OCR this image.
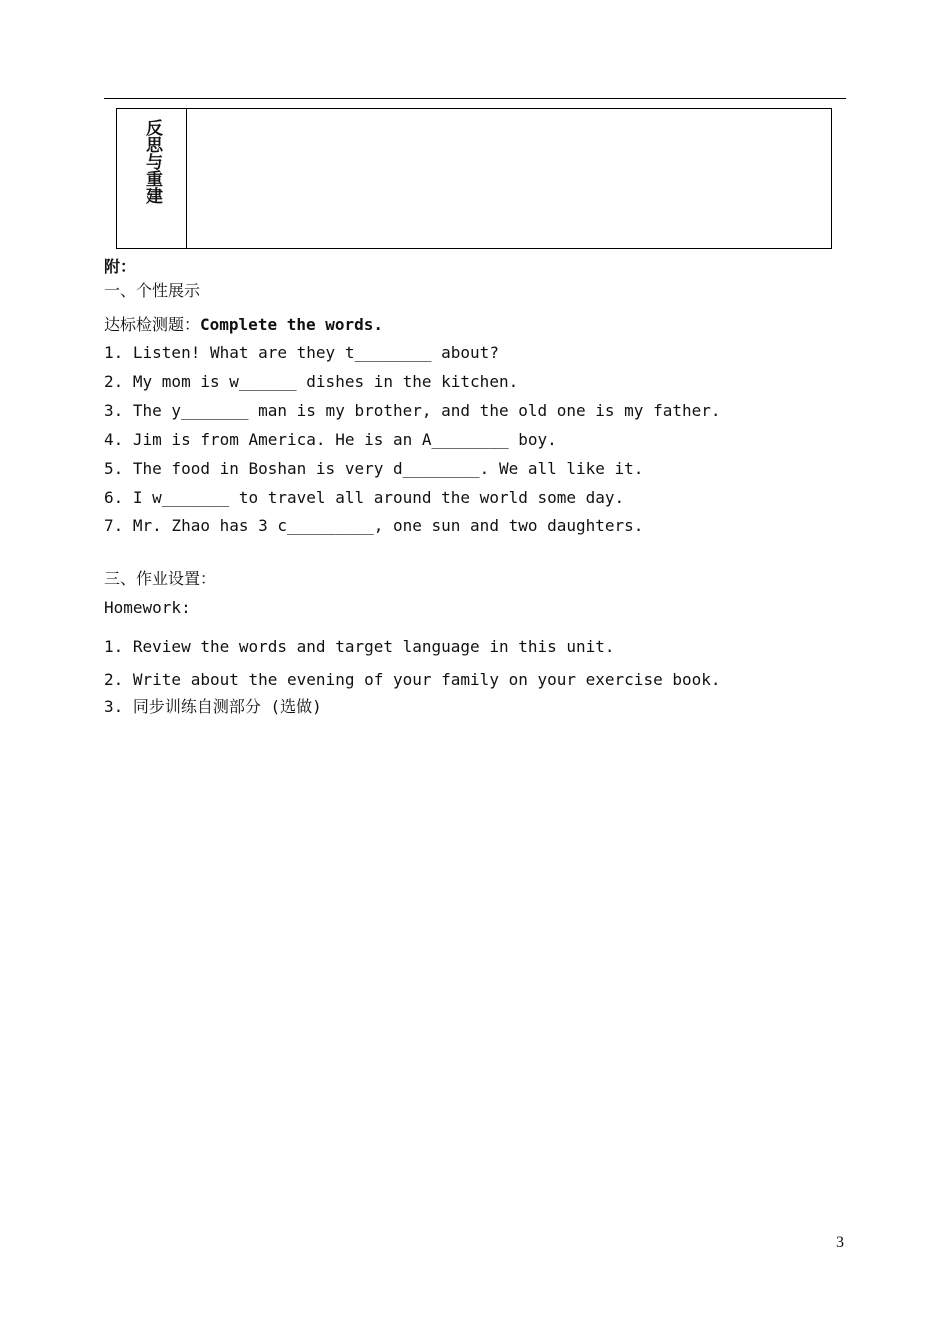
反思与重建
附：
一、个性展示
达标检测题：Complete the words.
1. Listen! What are they t________ about?
2. My mom is w______ dishes in the kitchen.
3. The y_______ man is my brother, and the old one is my father.
4. Jim is from America. He is an A________ boy.
5. The food in Boshan is very d________. We all like it.
6. I w_______ to travel all around the world some day.
7. Mr. Zhao has 3 c_________, one sun and two daughters.
三、作业设置：
Homework:
1. Review the words and target language in this unit.
2. Write about the evening of your family on your exercise book.
3. 同步训练自测部分 (选做)
3
